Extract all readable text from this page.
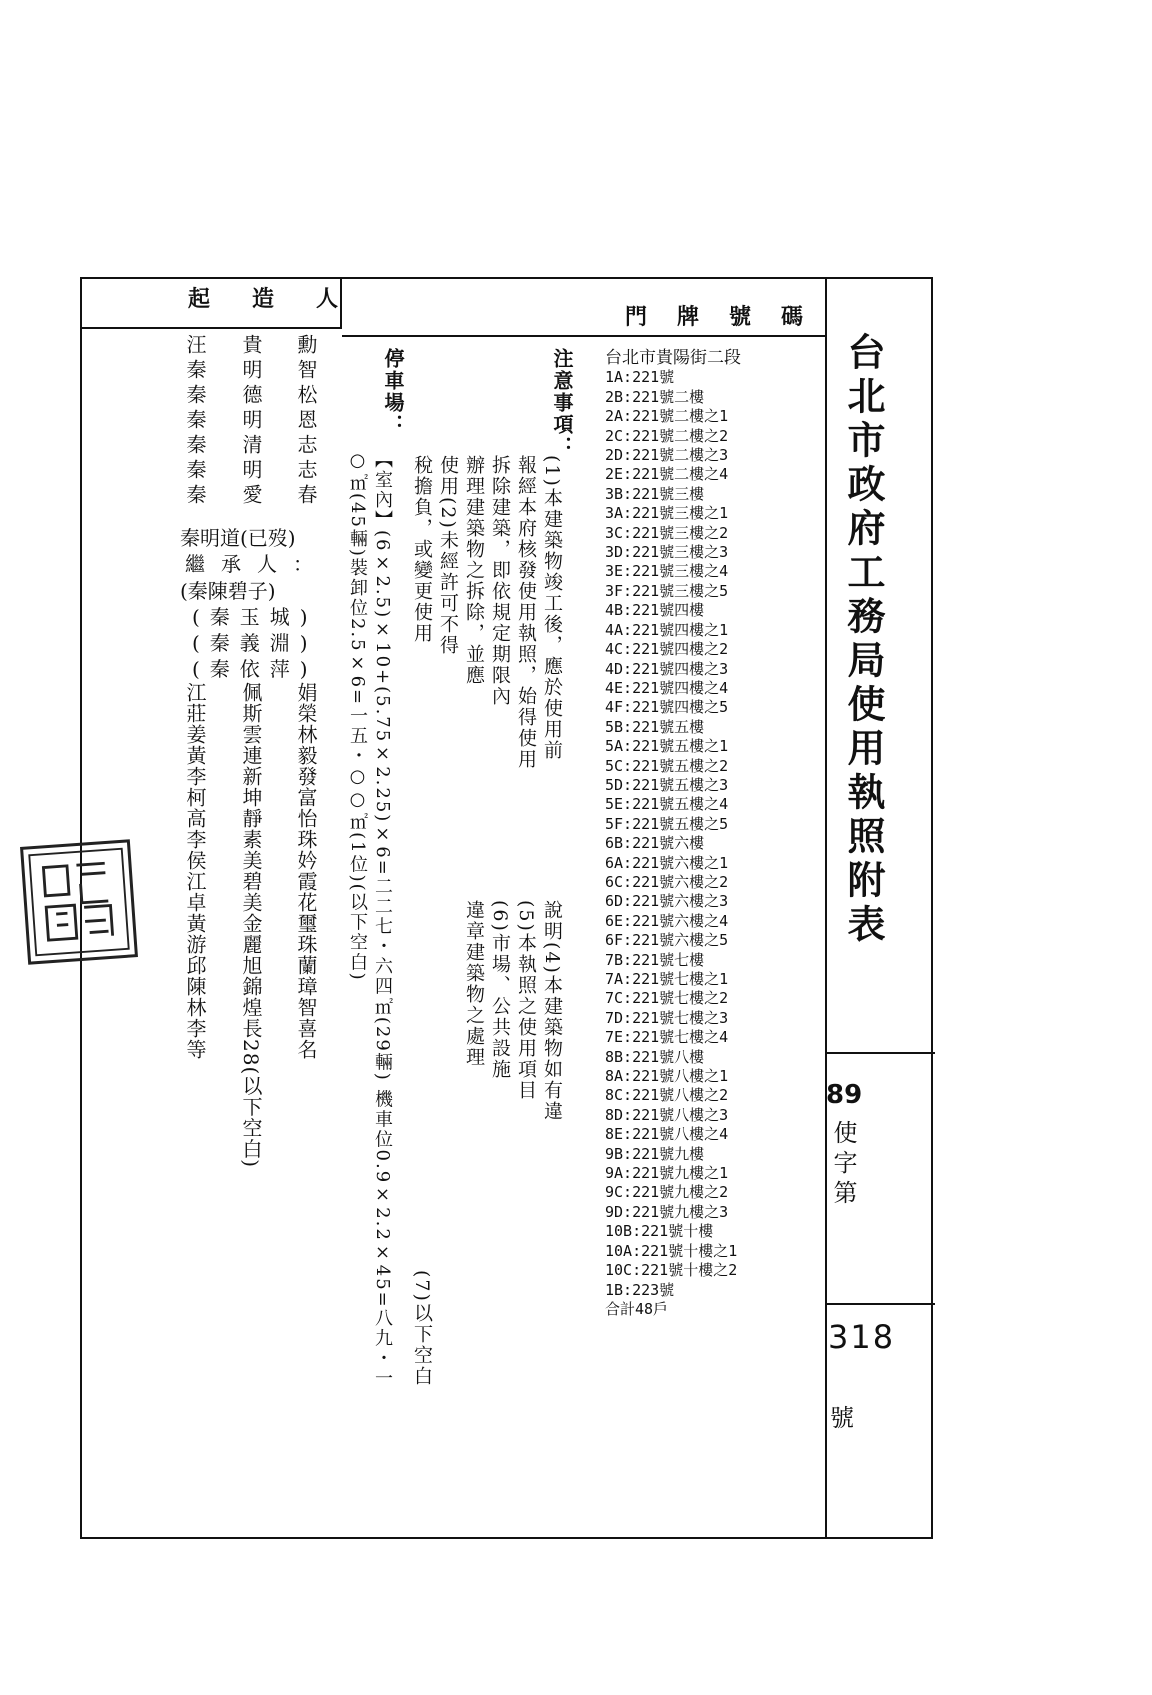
起造人
門牌號碼
台北市政府工務局使用執照附表
89
使字第
318
號
台北市貴陽街二段
1A:221號
2B:221號二樓
2A:221號二樓之1
2C:221號二樓之2
2D:221號二樓之3
2E:221號二樓之4
3B:221號三樓
3A:221號三樓之1
3C:221號三樓之2
3D:221號三樓之3
3E:221號三樓之4
3F:221號三樓之5
4B:221號四樓
4A:221號四樓之1
4C:221號四樓之2
4D:221號四樓之3
4E:221號四樓之4
4F:221號四樓之5
5B:221號五樓
5A:221號五樓之1
5C:221號五樓之2
5D:221號五樓之3
5E:221號五樓之4
5F:221號五樓之5
6B:221號六樓
6A:221號六樓之1
6C:221號六樓之2
6D:221號六樓之3
6E:221號六樓之4
6F:221號六樓之5
7B:221號七樓
7A:221號七樓之1
7C:221號七樓之2
7D:221號七樓之3
7E:221號七樓之4
8B:221號八樓
8A:221號八樓之1
8C:221號八樓之2
8D:221號八樓之3
8E:221號八樓之4
9B:221號九樓
9A:221號九樓之1
9C:221號九樓之2
9D:221號九樓之3
10B:221號十樓
10A:221號十樓之1
10C:221號十樓之2
1B:223號
合計48戶
注意事項：
(1)本建築物竣工後，應於使用前
報經本府核發使用執照，始得使用
拆除建築，即依規定期限內
辦理建築物之拆除，並應
使用(2)未經許可不得
稅擔負，或變更使用
說明(4)本建築物如有違
(5)本執照之使用項目
(6)市場、公共設施
違章建築物之處理
(7)以下空白
停車場：
【室內】(6×2.5)×10+(5.75×2.25)×6=二二七・六四㎡(29輛) 機車位0.9×2.2×45=八九・一
○㎡(45輛)裝卸位2.5×6=一五・○○㎡(1位)(以下空白)
勳智松恩志志春
貴明德明清明愛
汪秦秦秦秦秦秦
秦明道(已歿)
繼承人：
(秦陳碧子)
(秦玉城)
(秦義淵)
(秦依萍)
娟榮林毅發富怡珠妗霞花璽珠蘭璋智喜名
佩斯雲連新坤靜素美碧美金麗旭錦煌長28(以下空白)
江莊姜黃李柯高李侯江卓黃游邱陳林李等
